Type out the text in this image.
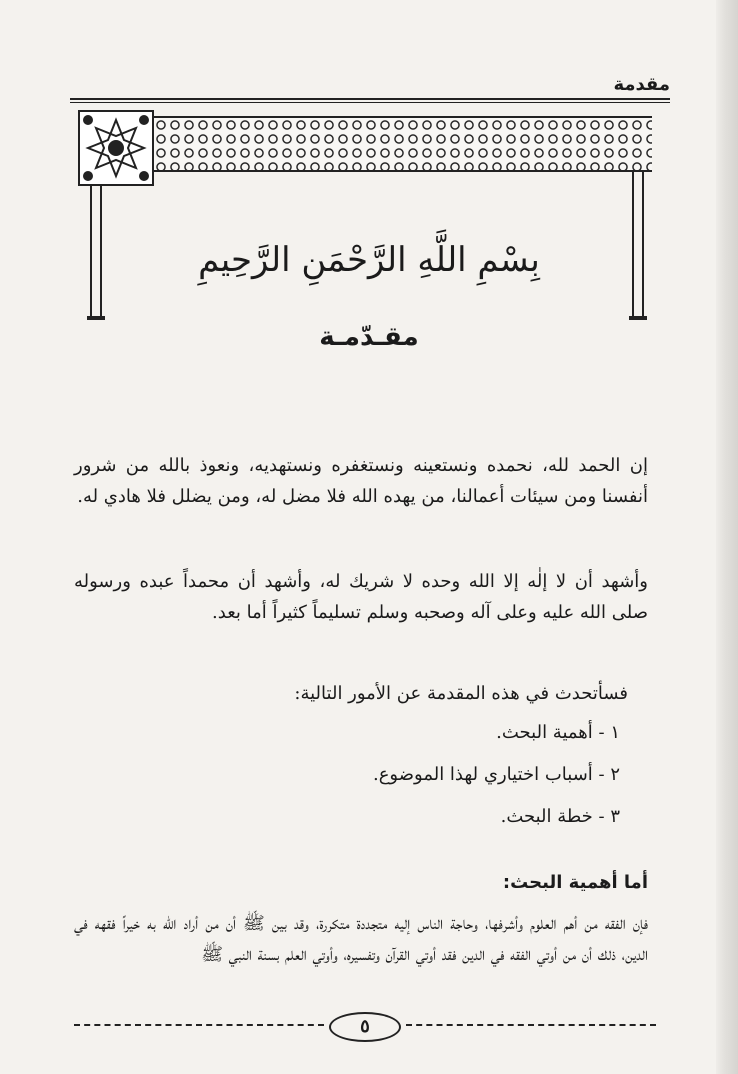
مقدمة
بِسْمِ اللَّهِ الرَّحْمَنِ الرَّحِيمِ
مقـدّمـة

إن الحمد لله، نحمده ونستعينه ونستغفره ونستهديه، ونعوذ بالله من شرور أنفسنا ومن سيئات أعمالنا، من يهده الله فلا مضل له، ومن يضلل فلا هادي له.

وأشهد أن لا إلٰه إلا الله وحده لا شريك له، وأشهد أن محمداً عبده ورسوله صلى الله عليه وعلى آله وصحبه وسلم تسليماً كثيراً أما بعد.

فسأتحدث في هذه المقدمة عن الأمور التالية:

١ - أهمية البحث.
٢ - أسباب اختياري لهذا الموضوع.
٣ - خطة البحث.
أما أهمية البحث:

فإن الفقه من أهم العلوم وأشرفها، وحاجة الناس إليه متجددة متكررة، وقد بين ﷺ أن من أراد الله به خيراً فقهه في الدين، ذلك أن من أوتي الفقه في الدين فقد أوتي القرآن وتفسيره، وأوتي العلم بسنة النبي ﷺ

٥
